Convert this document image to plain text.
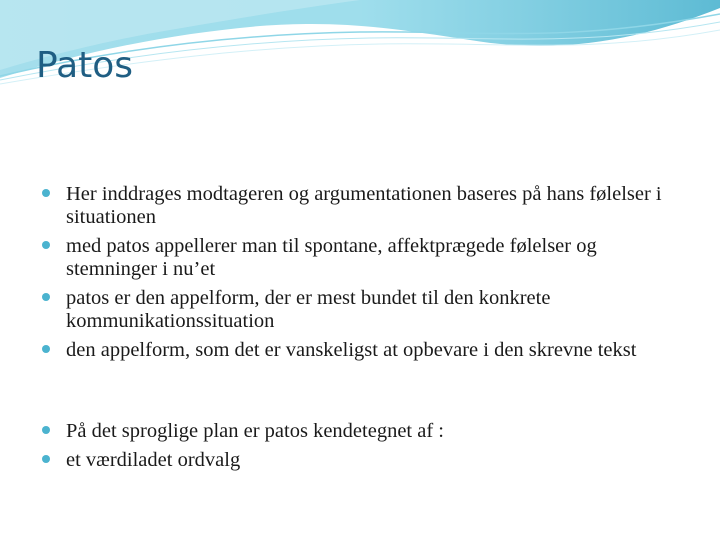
Patos
Her inddrages modtageren og argumentationen baseres på hans følelser i situationen
med patos appellerer man til spontane, affektprægede følelser og stemninger i nu’et
patos er den appelform, der er mest bundet til den konkrete kommunikationssituation
den appelform, som det er vanskeligst at opbevare i den skrevne tekst
På det sproglige plan er patos kendetegnet af :
et værdiladet ordvalg
